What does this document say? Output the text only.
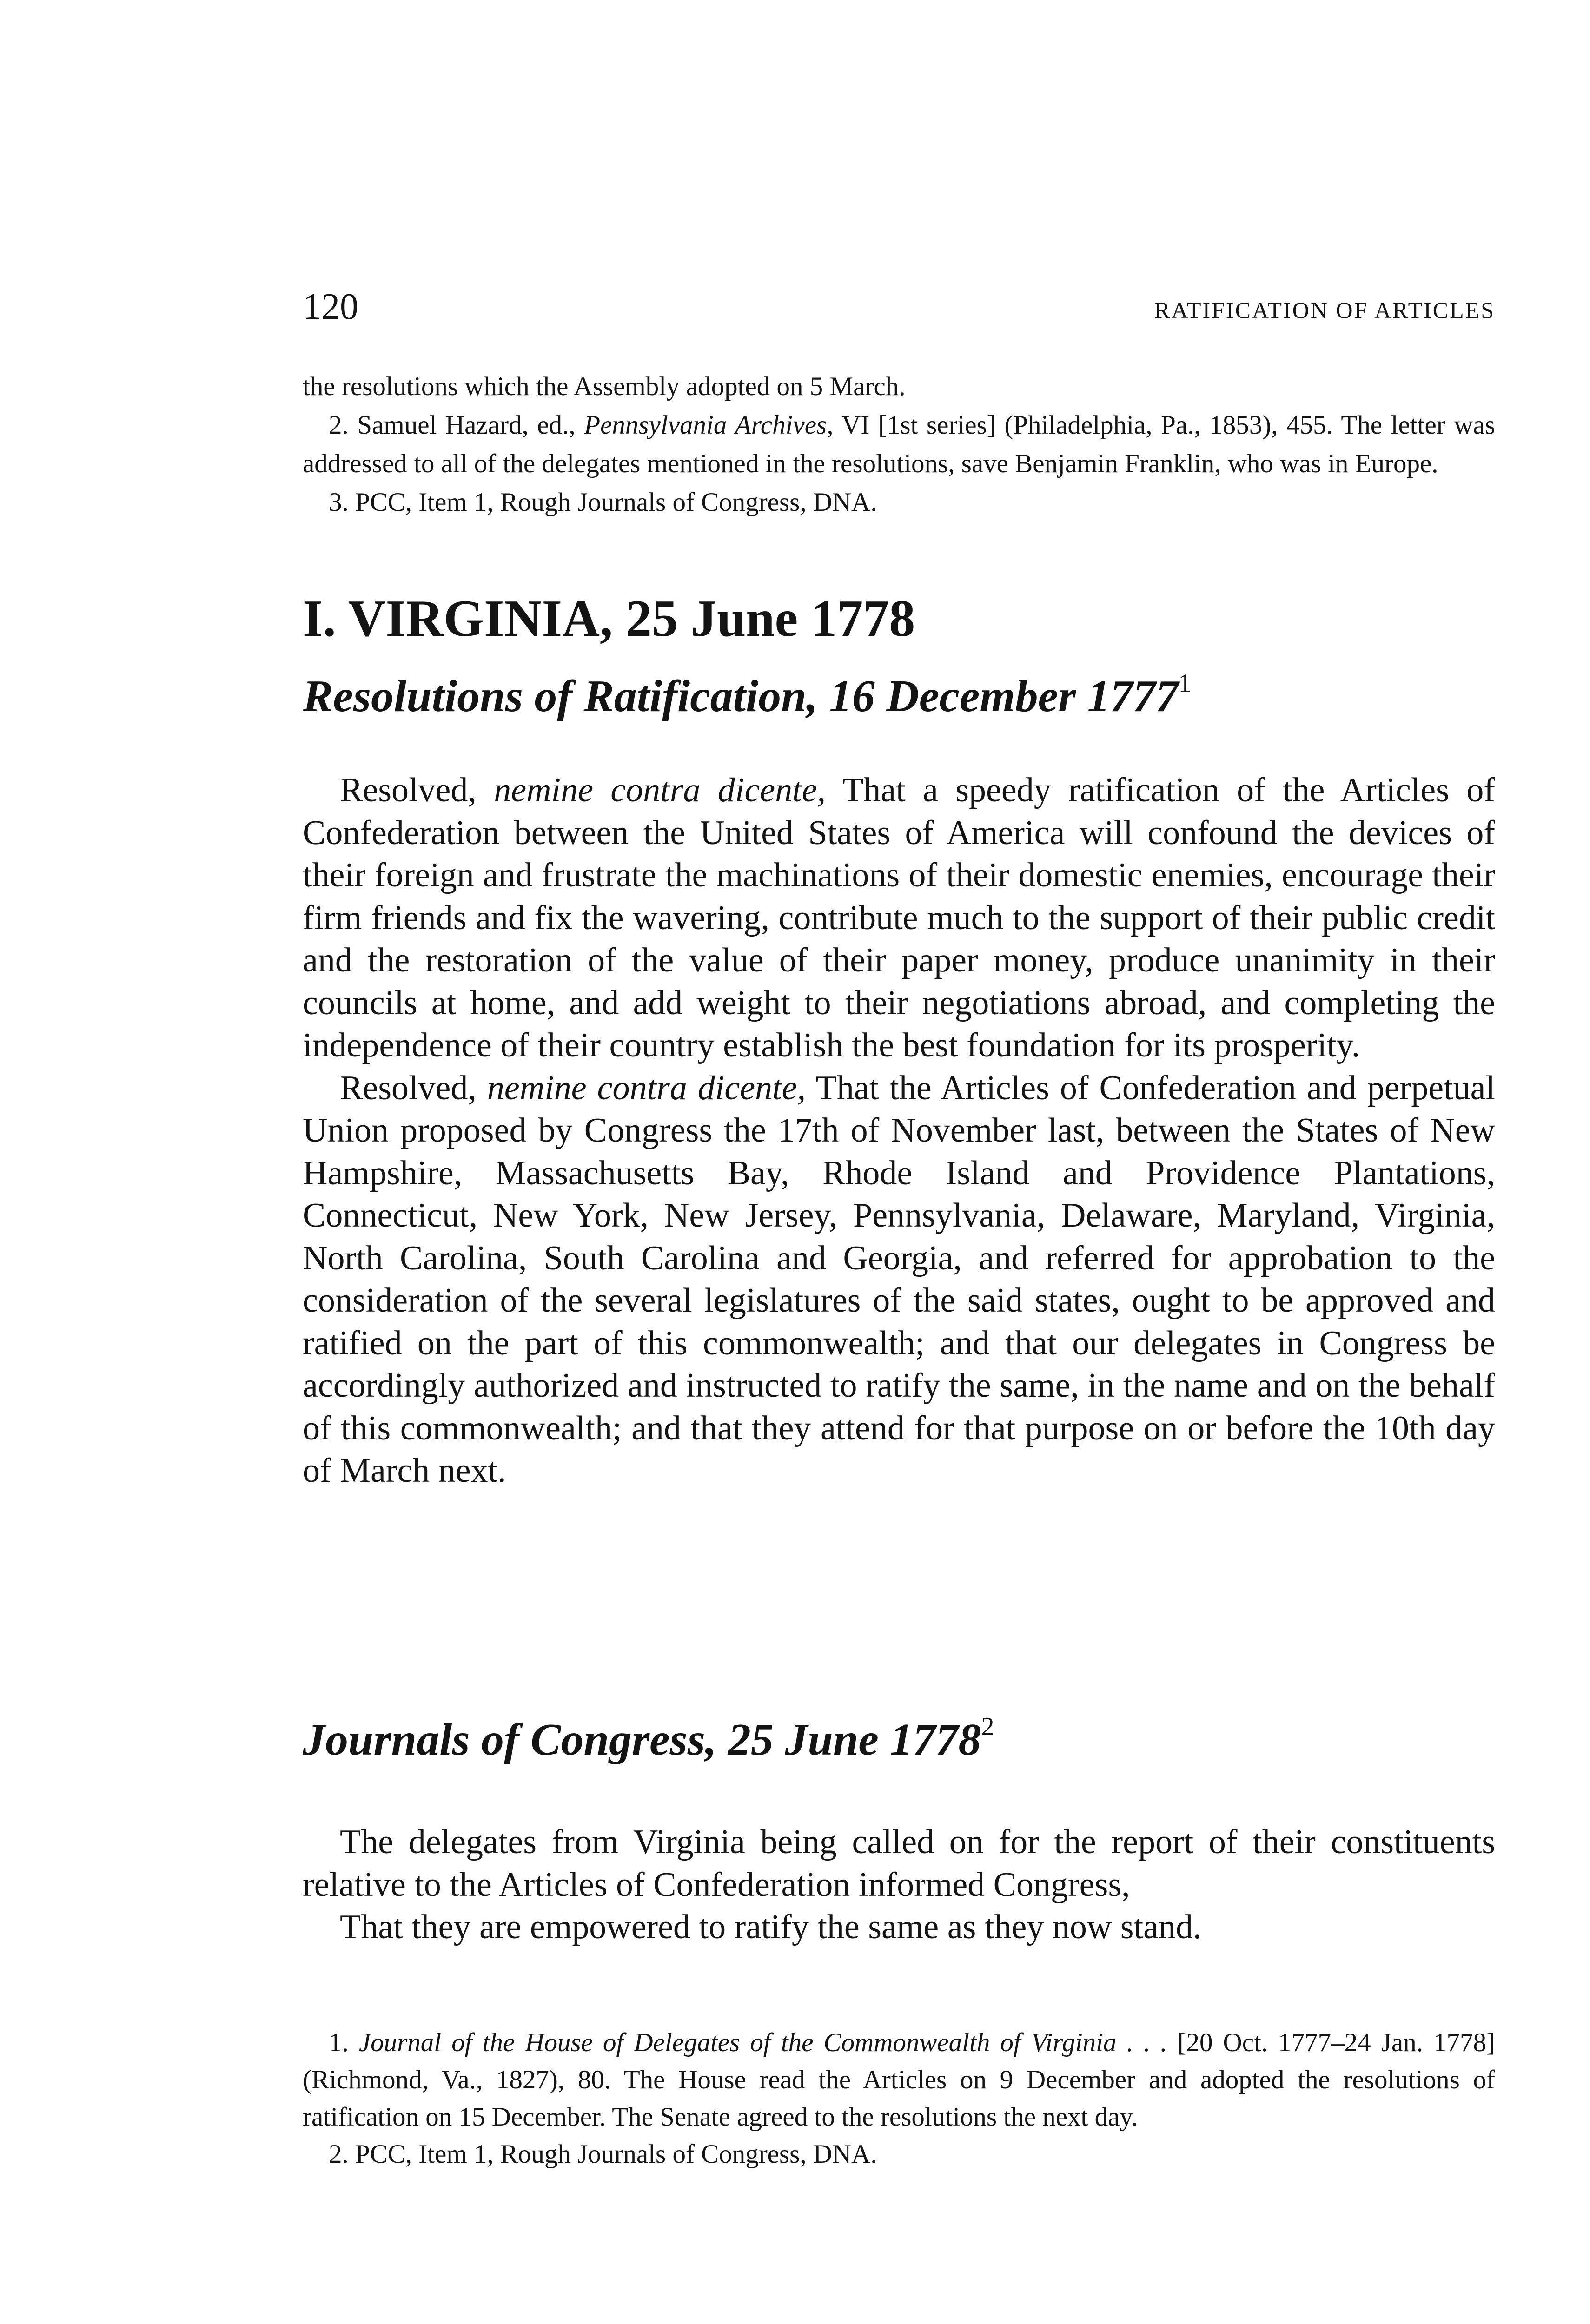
120	RATIFICATION OF ARTICLES

the resolutions which the Assembly adopted on 5 March.

2. Samuel Hazard, ed., Pennsylvania Archives, VI [1st series] (Philadelphia, Pa., 1853), 455. The letter was addressed to all of the delegates mentioned in the resolutions, save Benjamin Franklin, who was in Europe.

3. PCC, Item 1, Rough Journals of Congress, DNA.

I. VIRGINIA, 25 June 1778
Resolutions of Ratification, 16 December 1777$^1$

Resolved, nemine contra dicente, That a speedy ratification of the Articles of Confederation between the United States of America will confound the devices of their foreign and frustrate the machinations of their domestic enemies, encourage their firm friends and fix the wavering, contribute much to the support of their public credit and the restoration of the value of their paper money, produce unanimity in their councils at home, and add weight to their negotiations abroad, and completing the independence of their country establish the best foundation for its prosperity.

Resolved, nemine contra dicente, That the Articles of Confederation and perpetual Union proposed by Congress the 17th of November last, between the States of New Hampshire, Massachusetts Bay, Rhode Island and Providence Plantations, Connecticut, New York, New Jersey, Pennsylvania, Delaware, Maryland, Virginia, North Carolina, South Carolina and Georgia, and referred for approbation to the consideration of the several legislatures of the said states, ought to be approved and ratified on the part of this commonwealth; and that our delegates in Congress be accordingly authorized and instructed to ratify the same, in the name and on the behalf of this commonwealth; and that they attend for that purpose on or before the 10th day of March next.

Journals of Congress, 25 June 1778$^2$

The delegates from Virginia being called on for the report of their constituents relative to the Articles of Confederation informed Congress,

That they are empowered to ratify the same as they now stand.

1. Journal of the House of Delegates of the Commonwealth of Virginia . . . [20 Oct. 1777–24 Jan. 1778] (Richmond, Va., 1827), 80. The House read the Articles on 9 December and adopted the resolutions of ratification on 15 December. The Senate agreed to the resolutions the next day.

2. PCC, Item 1, Rough Journals of Congress, DNA.
